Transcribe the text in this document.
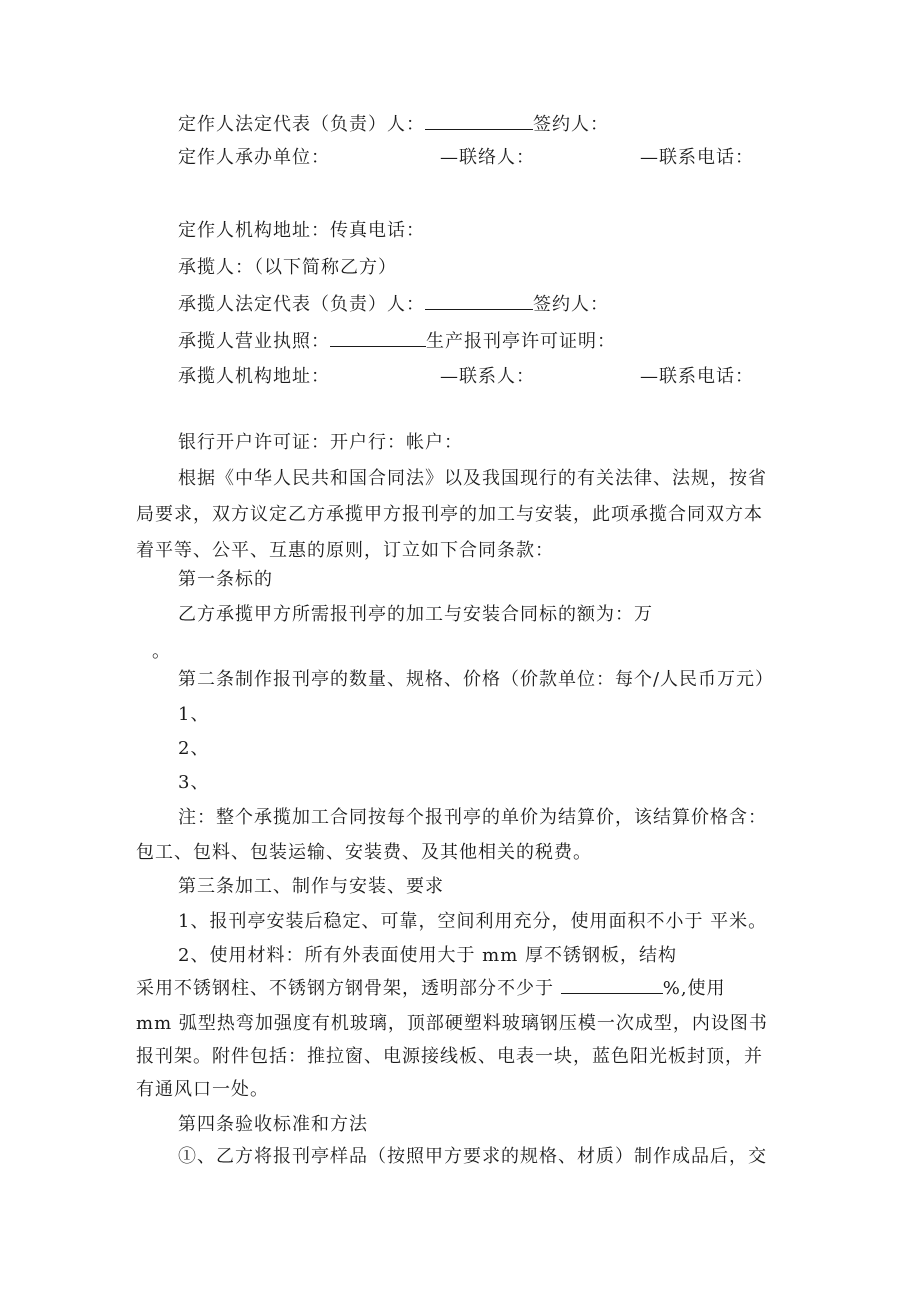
定作人法定代表（负责）人：	签约人：
定作人承办单位：	—联络人：	—联系电话：
定作人机构地址：传真电话：
承揽人：（以下简称乙方）
承揽人法定代表（负责）人：	签约人：
承揽人营业执照：	生产报刊亭许可证明：
承揽人机构地址：	—联系人：	—联系电话：
银行开户许可证：开户行：帐户：
根据《中华人民共和国合同法》以及我国现行的有关法律、法规，按省
局要求，双方议定乙方承揽甲方报刊亭的加工与安装，此项承揽合同双方本
着平等、公平、互惠的原则，订立如下合同条款：
第一条标的
乙方承揽甲方所需报刊亭的加工与安装合同标的额为：万
。
第二条制作报刊亭的数量、规格、价格（价款单位：每个/人民币万元）
1、
2、
3、
注：整个承揽加工合同按每个报刊亭的单价为结算价，该结算价格含：
包工、包料、包装运输、安装费、及其他相关的税费。
第三条加工、制作与安装、要求
1、报刊亭安装后稳定、可靠，空间利用充分，使用面积不小于 平米。
2、使用材料：所有外表面使用大于 mm 厚不锈钢板，结构
采用不锈钢柱、不锈钢方钢骨架，透明部分不少于	%,使用
mm 弧型热弯加强度有机玻璃，顶部硬塑料玻璃钢压模一次成型，内设图书
报刊架。附件包括：推拉窗、电源接线板、电表一块，蓝色阳光板封顶，并
有通风口一处。
第四条验收标准和方法
①、乙方将报刊亭样品（按照甲方要求的规格、材质）制作成品后，交
